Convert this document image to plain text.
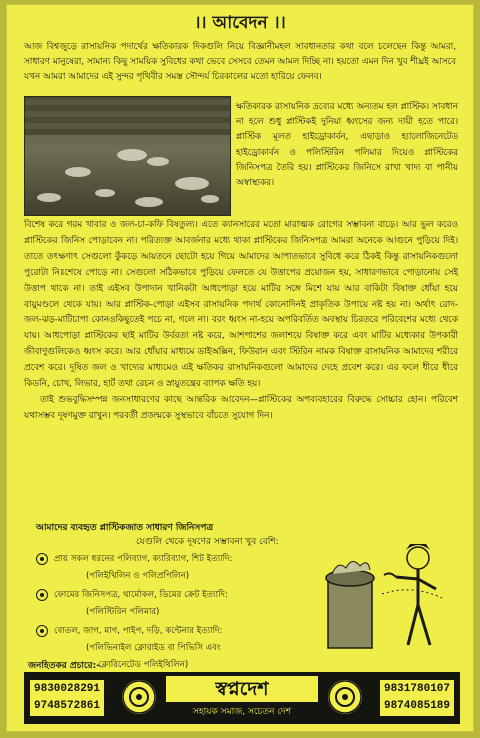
।। আবেদন ।।
আজ বিশ্বজুড়ে রাসায়নিক পদার্থের ক্ষতিকারক দিকগুলি নিয়ে বিজ্ঞানীমহল সাবধানতার কথা বলে চলেছেন কিন্তু আমরা, সাধারণ মানুষেরা, সামান্য কিছু সাময়িক সুবিধের কথা ভেবে সেসবে তেমন আমল দিচ্ছি না। হয়তো এমন দিন খুব শীঘ্রই আসবে যখন আমরা আমাদের এই সুন্দর পৃথিবীর সমস্ত সৌন্দর্য চিরকালের মতো হারিয়ে ফেলব।
ক্ষতিকারক রাসায়নিক দ্রব্যের মধ্যে অন্যতম হল প্লাস্টিক। সাবধান না হলে শুধু প্লাস্টিকই দুনিয়া ধ্বংসের জন্য দায়ী হতে পারে। প্লাস্টিক মূলত হাইড্রোকার্বন, এছাড়াও হ্যালোজিনেটেড হাইড্রোকার্বন ও পলিস্টিরিন পলিমার দিয়েও প্লাস্টিকের জিনিসপত্র তৈরি হয়। প্লাস্টিকের জিনিসে রাখা খাদ্য বা পানীয় অস্বাস্থ্যকর।

বিশেষ করে গরম খাবার ও জল-চা-কফি বিষতুল্য। এতে ক্যানসারের মতো মারাত্মক রোগের সম্ভাবনা বাড়ে। আর ভুল করেও প্লাস্টিকের জিনিস পোড়াবেন না। পরিত্যক্ত আবর্জনার মধ্যে থাকা প্লাস্টিকের জিনিসপত্র আমরা অনেকে আগুনে পুড়িয়ে দিই। তাতে তৎক্ষণাৎ সেগুলো কুঁকড়ে আয়তনে ছোটো হয়ে গিয়ে আমাদের আপাতভাবে সুবিধে করে ঠিকই কিন্তু রাসায়নিকগুলো পুরোটা নিঃশেষে পোড়ে না। সেগুলো সঠিকভাবে পুড়িয়ে ফেলতে যে উত্তাপের প্রয়োজন হয়, সাধারণভাবে পোড়ানোয় সেই উত্তাপ থাকে না। তাই এইসব উপাদান খানিকটা আধপোড়া হয়ে মাটির সঙ্গে মিশে যায় আর বাকিটা বিষাক্ত ধোঁয়া হয়ে বায়ুমণ্ডলে থেকে যায়। আর প্লাস্টিক-পোড়া এইসব রাসায়নিক পদার্থ কোনোদিনই প্রাকৃতিক উপায়ে নষ্ট হয় না। অর্থাৎ রোদ-জল-ঝড়-মাটিচাপা কোনওকিছুতেই পচে না, গলে না। বরং ধ্বংস না-হয়ে অপরিবর্তিত অবস্থায় চিরতরে পরিবেশের মধ্যে থেকে যায়। আধপোড়া প্লাস্টিকের ছাই মাটির উর্বরতা নষ্ট করে, আশপাশের জলাশয়ে বিষাক্ত করে এবং মাটির মধ্যেকার উপকারী জীবাণুগুলিকেও ধ্বংস করে। আর ধোঁয়ার মাধ্যমে ডাইঅক্সিন, ফিউরান এবং স্টিরিন নামক বিষাক্ত রাসায়নিক আমাদের শরীরে প্রবেশ করে। দূষিত জল ও খাদ্যের মাধ্যমেও এই ক্ষতিকর রাসায়নিকগুলো আমাদের দেহে প্রবেশ করে। এর ফলে ধীরে ধীরে কিডনি, চোখ, লিভার, হার্ট তথা রেচন ও স্নায়ুতন্ত্রের ব্যাপক ক্ষতি হয়।

তাই শুভবুদ্ধিসম্পন্ন জনসাধারণের কাছে আন্তরিক আবেদন—প্লাস্টিকের অপব্যবহারের বিরুদ্ধে সোচ্চার হোন। পরিবেশ যথাসম্ভব দূষণমুক্ত রাখুন। পরবর্তী প্রজন্মকে সুস্থভাবে বাঁচতে সুযোগ দিন।

আমাদের ব্যবহৃত প্লাস্টিকজাত সাধারণ জিনিসপত্র
যেগুলি থেকে দূষণের সম্ভাবনা খুব বেশি:
প্রায় সকল ধরনের পলিব্যাগ, ক্যারিব্যাগ, শিট ইত্যাদি:
(পলিইথিলিন ও পলিপ্রপিলিন)
ফোমের জিনিসপত্র, থার্মোকল, ডিমের ক্রেট ইত্যাদি:
(পলিস্টিরিন পলিমার)
বোতল, জাগ, মাগ, পাইপ, দড়ি, কন্টেনার ইত্যাদি:
(পলিভিনাইল ক্লোরাইড বা পিভিসি এবং
ক্লোরিনেটেড পলিইথিলিন)
জনহিতকর প্রচারে:-
9830028291
9748572861
স্বপ্নদেশ
সহায়ক সমাজ, সচেতন দেশ
9831780107
9874085189
